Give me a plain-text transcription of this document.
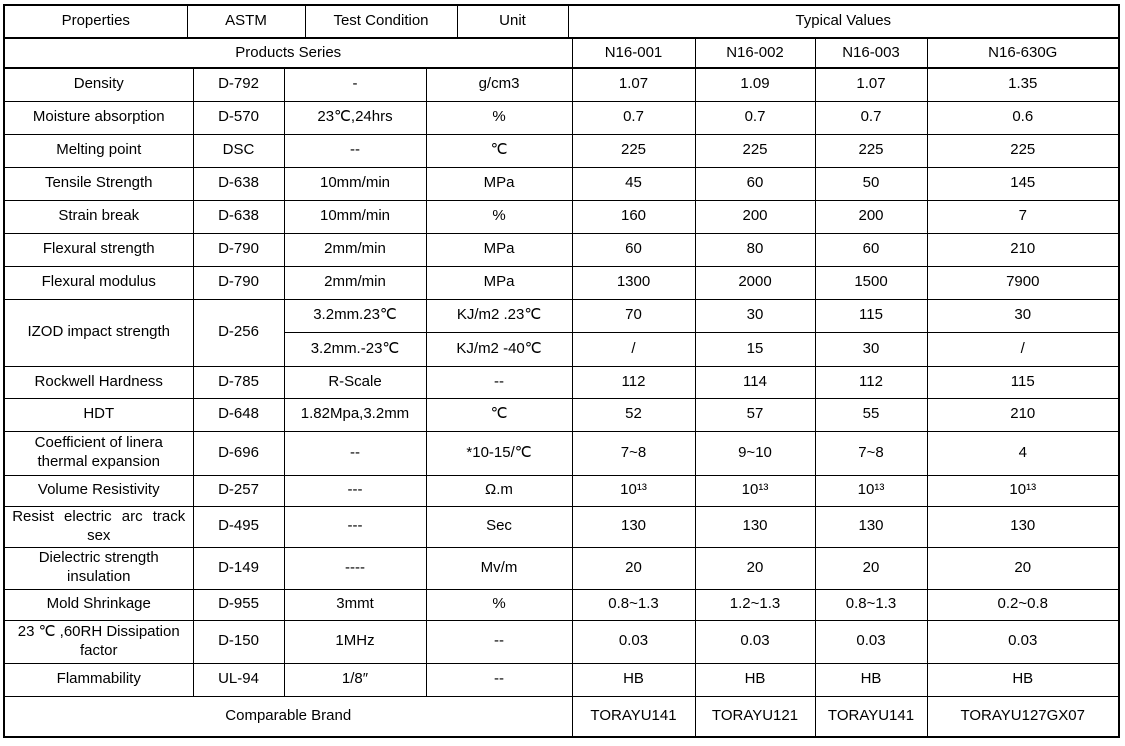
Properties	ASTM			Test Condition		Unit	Typical Values				
Products Series								N16-001	N16-002	N16-003	N16-630G
Density		D-792	-		g/cm3			1.07	1.09	1.07	1.35
Moisture absorption		D-570	23℃,24hrs		%			0.7	0.7	0.7	0.6
Melting point		DSC	--		℃			225	225	225	225
Tensile Strength		D-638	10mm/min		MPa			45	60	50	145
Strain break		D-638	10mm/min		%			160	200	200	7
Flexural strength		D-790	2mm/min		MPa			60	80	60	210
Flexural modulus		D-790	2mm/min		MPa			1300	2000	1500	7900
IZOD impact strength		D-256	3.2mm.23℃		KJ/m2 .23℃			70	30	115	30
			3.2mm.-23℃		KJ/m2 -40℃			/	15	30	/
Rockwell Hardness		D-785	R-Scale		--			112	114	112	115
HDT		D-648	1.82Mpa,3.2mm		℃			52	57	55	210
Coefficient of linera thermal expansion		D-696	--		*10-15/℃			7~8	9~10	7~8	4
Volume Resistivity		D-257	---		Ω.m			10¹³	10¹³	10¹³	10¹³
Resist electric arc track sex		D-495	---		Sec			130	130	130	130
Dielectric strength insulation		D-149	----		Mv/m			20	20	20	20
Mold Shrinkage		D-955	3mmt		%			0.8~1.3	1.2~1.3	0.8~1.3	0.2~0.8
23 ℃ ,60RH Dissipation factor		D-150	1MHz		--			0.03	0.03	0.03	0.03
Flammability		UL-94	1/8″		--			HB	HB	HB	HB
Comparable Brand								TORAYU141	TORAYU121	TORAYU141	TORAYU127GX07
